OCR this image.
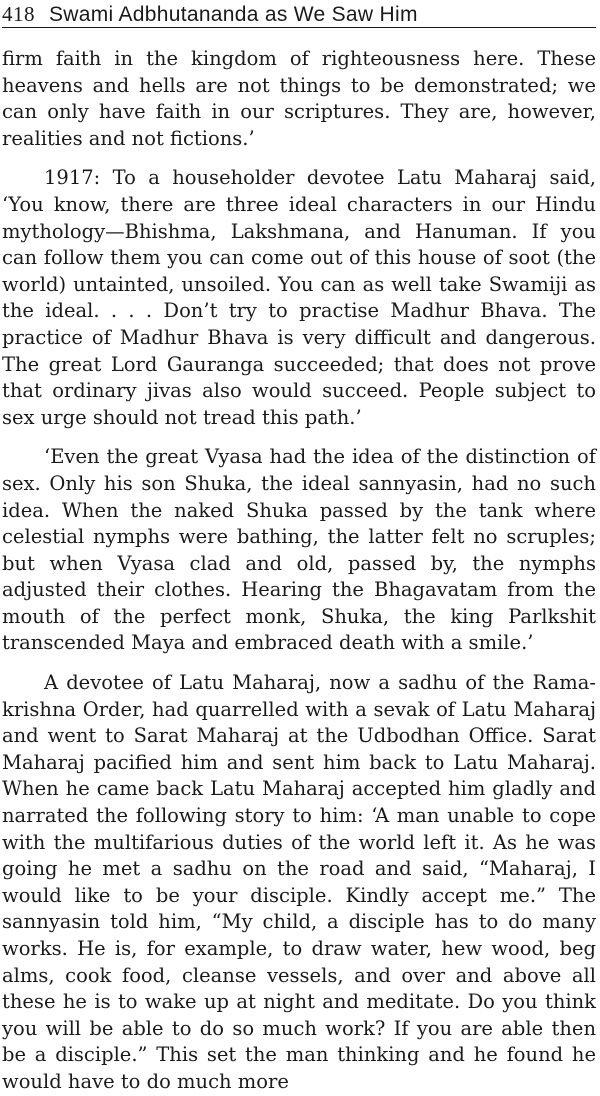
418 Swami Adbhutananda as We Saw Him

firm faith in the kingdom of righteousness here. These heavens and hells are not things to be demonstrated; we can only have faith in our scriptures. They are, however, realities and not fictions.’

1917: To a householder devotee Latu Maharaj said, ‘You know, there are three ideal characters in our Hindu mythology—Bhishma, Lakshmana, and Hanuman. If you can follow them you can come out of this house of soot (the world) untainted, unsoiled. You can as well take Swamiji as the ideal. . . . Don’t try to practise Madhur Bhava. The practice of Madhur Bhava is very difficult and dangerous. The great Lord Gauranga succeeded; that does not prove that ordinary jivas also would succeed. People subject to sex urge should not tread this path.’

‘Even the great Vyasa had the idea of the distinction of sex. Only his son Shuka, the ideal sannyasin, had no such idea. When the naked Shuka passed by the tank where celestial nymphs were bathing, the latter felt no scruples; but when Vyasa clad and old, passed by, the nymphs adjusted their clothes. Hearing the Bhagavatam from the mouth of the perfect monk, Shuka, the king Parlkshit transcended Maya and embraced death with a smile.’

A devotee of Latu Maharaj, now a sadhu of the Ramakrishna Order, had quarrelled with a sevak of Latu Maharaj and went to Sarat Maharaj at the Udbodhan Office. Sarat Maharaj pacified him and sent him back to Latu Maharaj. When he came back Latu Maharaj accepted him gladly and narrated the following story to him: ‘A man unable to cope with the multifarious duties of the world left it. As he was going he met a sadhu on the road and said, “Maharaj, I would like to be your disciple. Kindly accept me.” The sannyasin told him, “My child, a disciple has to do many works. He is, for example, to draw water, hew wood, beg alms, cook food, cleanse vessels, and over and above all these he is to wake up at night and meditate. Do you think you will be able to do so much work? If you are able then be a disciple.” This set the man thinking and he found he would have to do much more
